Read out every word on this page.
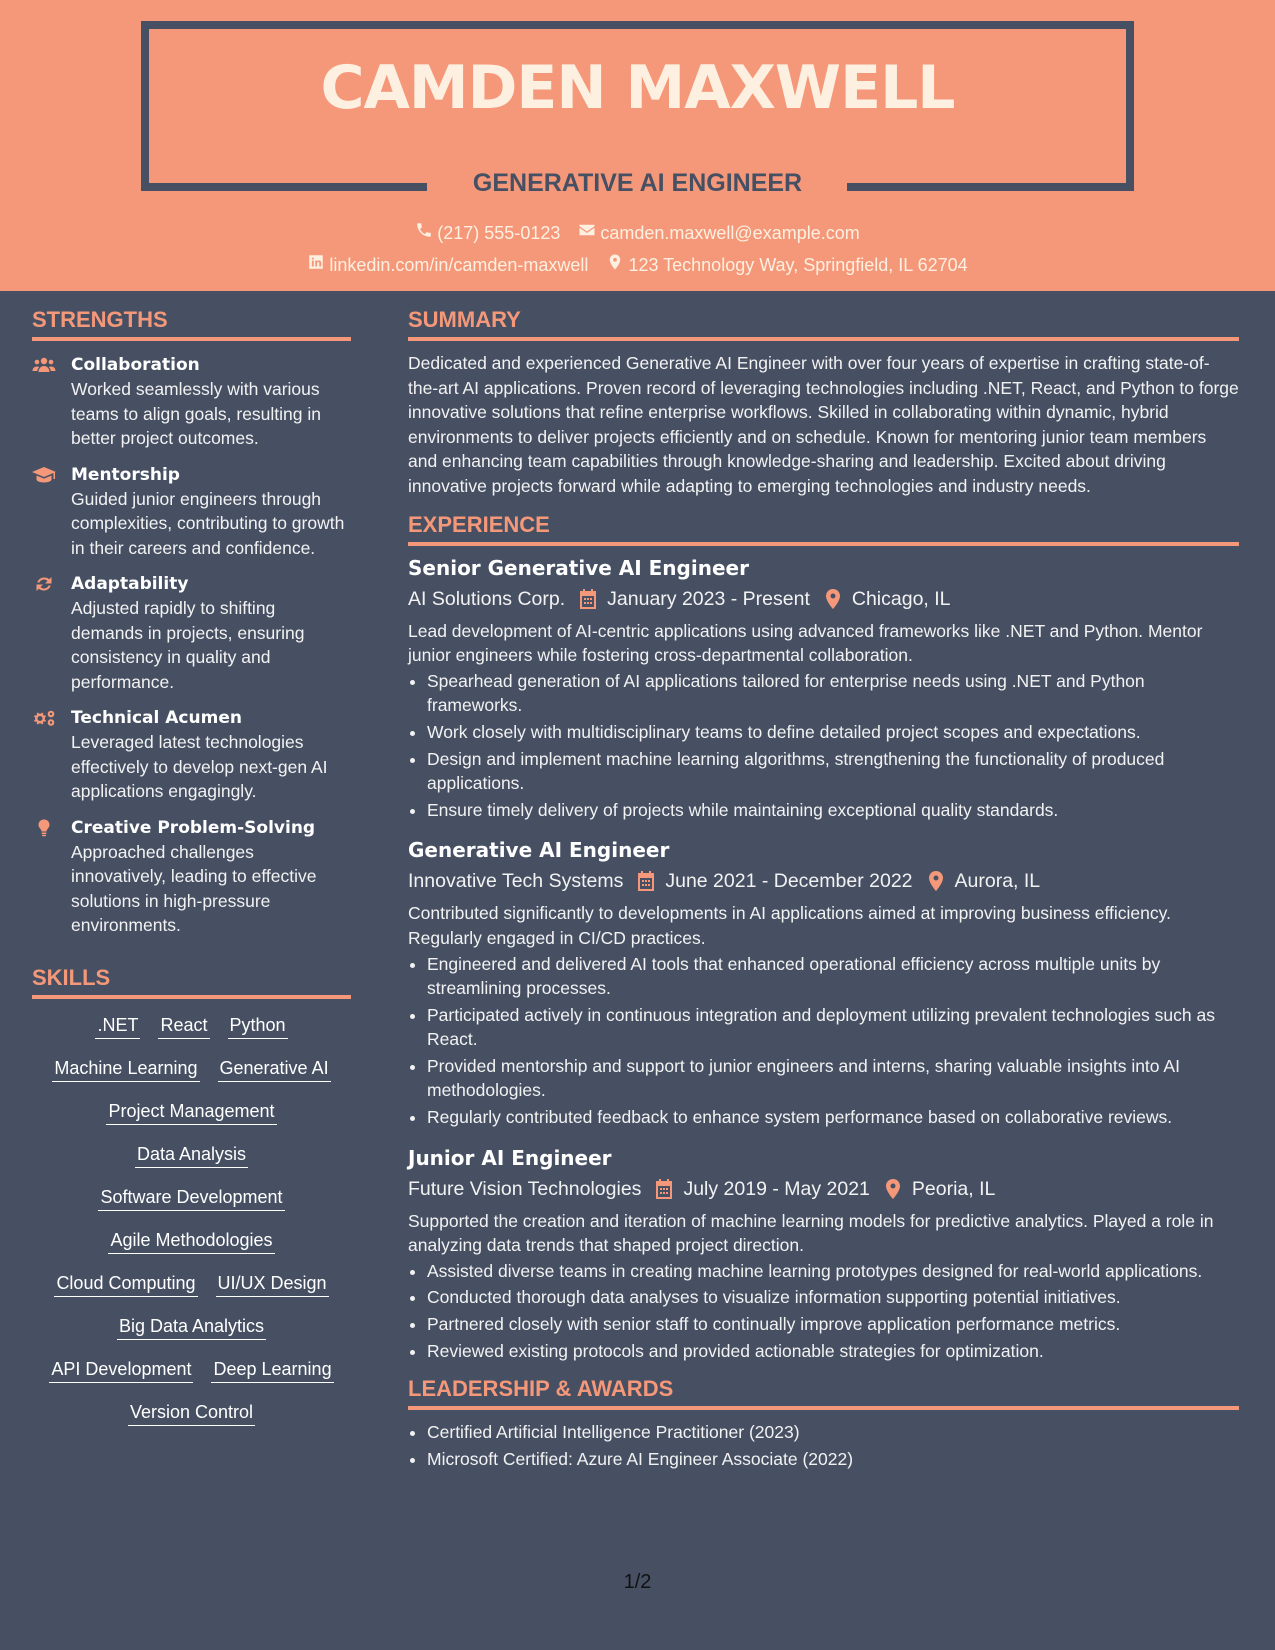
CAMDEN MAXWELL
GENERATIVE AI ENGINEER
(217) 555-0123 camden.maxwell@example.com
linkedin.com/in/camden-maxwell 123 Technology Way, Springfield, IL 62704
STRENGTHS
Collaboration
Worked seamlessly with various teams to align goals, resulting in better project outcomes.
Mentorship
Guided junior engineers through complexities, contributing to growth in their careers and confidence.
Adaptability
Adjusted rapidly to shifting demands in projects, ensuring consistency in quality and performance.
Technical Acumen
Leveraged latest technologies effectively to develop next-gen AI applications engagingly.
Creative Problem-Solving
Approached challenges innovatively, leading to effective solutions in high-pressure environments.
SKILLS
.NET React Python
Machine Learning Generative AI
Project Management
Data Analysis
Software Development
Agile Methodologies
Cloud Computing UI/UX Design
Big Data Analytics
API Development Deep Learning
Version Control
SUMMARY
Dedicated and experienced Generative AI Engineer with over four years of expertise in crafting state-of-the-art AI applications. Proven record of leveraging technologies including .NET, React, and Python to forge innovative solutions that refine enterprise workflows. Skilled in collaborating within dynamic, hybrid environments to deliver projects efficiently and on schedule. Known for mentoring junior team members and enhancing team capabilities through knowledge-sharing and leadership. Excited about driving innovative projects forward while adapting to emerging technologies and industry needs.
EXPERIENCE
Senior Generative AI Engineer
AI Solutions Corp. January 2023 - Present Chicago, IL
Lead development of AI-centric applications using advanced frameworks like .NET and Python. Mentor junior engineers while fostering cross-departmental collaboration.
• Spearhead generation of AI applications tailored for enterprise needs using .NET and Python frameworks.
• Work closely with multidisciplinary teams to define detailed project scopes and expectations.
• Design and implement machine learning algorithms, strengthening the functionality of produced applications.
• Ensure timely delivery of projects while maintaining exceptional quality standards.
Generative AI Engineer
Innovative Tech Systems June 2021 - December 2022 Aurora, IL
Contributed significantly to developments in AI applications aimed at improving business efficiency. Regularly engaged in CI/CD practices.
• Engineered and delivered AI tools that enhanced operational efficiency across multiple units by streamlining processes.
• Participated actively in continuous integration and deployment utilizing prevalent technologies such as React.
• Provided mentorship and support to junior engineers and interns, sharing valuable insights into AI methodologies.
• Regularly contributed feedback to enhance system performance based on collaborative reviews.
Junior AI Engineer
Future Vision Technologies July 2019 - May 2021 Peoria, IL
Supported the creation and iteration of machine learning models for predictive analytics. Played a role in analyzing data trends that shaped project direction.
• Assisted diverse teams in creating machine learning prototypes designed for real-world applications.
• Conducted thorough data analyses to visualize information supporting potential initiatives.
• Partnered closely with senior staff to continually improve application performance metrics.
• Reviewed existing protocols and provided actionable strategies for optimization.
LEADERSHIP & AWARDS
• Certified Artificial Intelligence Practitioner (2023)
• Microsoft Certified: Azure AI Engineer Associate (2022)
1/2
